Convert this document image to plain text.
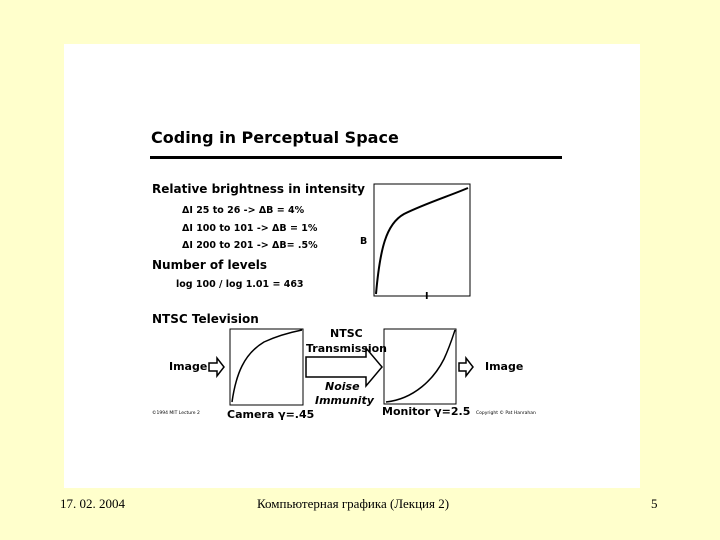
Coding in Perceptual Space
Relative brightness in intensity
ΔI 25 to 26 -> ΔB = 4%
ΔI 100 to 101 -> ΔB = 1%
ΔI 200 to 201 -> ΔB= .5%	B
I
Number of levels
log 100 / log 1.01 = 463
NTSC Television
Image	Image
NTSC
Transmission
Noise
Immunity
Camera γ=.45	Monitor γ=2.5
©1994 MIT Lecture 2	Copyright © Pat Hanrahan
17. 02. 2004	Компьютерная графика (Лекция 2)	5
